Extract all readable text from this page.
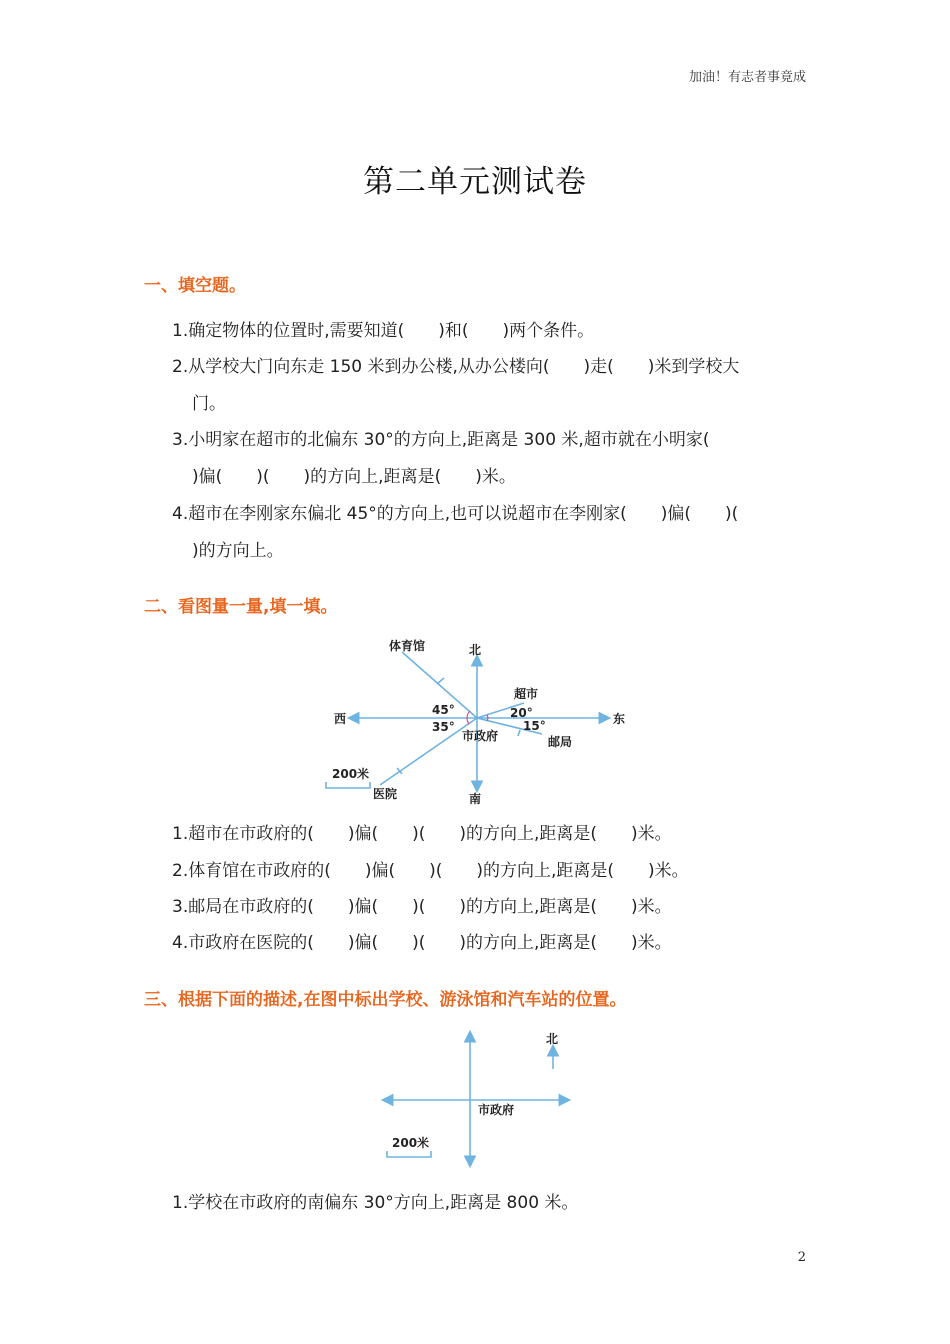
加油！有志者事竟成
第二单元测试卷
一、填空题。
1.确定物体的位置时,需要知道(　　)和(　　)两个条件。
2.从学校大门向东走 150 米到办公楼,从办公楼向(　　)走(　　)米到学校大
门。
3.小明家在超市的北偏东 30°的方向上,距离是 300 米,超市就在小明家(　　
)偏(　　)(　　)的方向上,距离是(　　)米。
4.超市在李刚家东偏北 45°的方向上,也可以说超市在李刚家(　　)偏(　　)(
)的方向上。
二、看图量一量,填一填。
北
南
东
西
市政府
体育馆
超市
邮局
医院
45°
35°
20°
15°
200米
1.超市在市政府的(　　)偏(　　)(　　)的方向上,距离是(　　)米。
2.体育馆在市政府的(　　)偏(　　)(　　)的方向上,距离是(　　)米。
3.邮局在市政府的(　　)偏(　　)(　　)的方向上,距离是(　　)米。
4.市政府在医院的(　　)偏(　　)(　　)的方向上,距离是(　　)米。
三、根据下面的描述,在图中标出学校、游泳馆和汽车站的位置。
北
市政府
200米
1.学校在市政府的南偏东 30°方向上,距离是 800 米。
2
